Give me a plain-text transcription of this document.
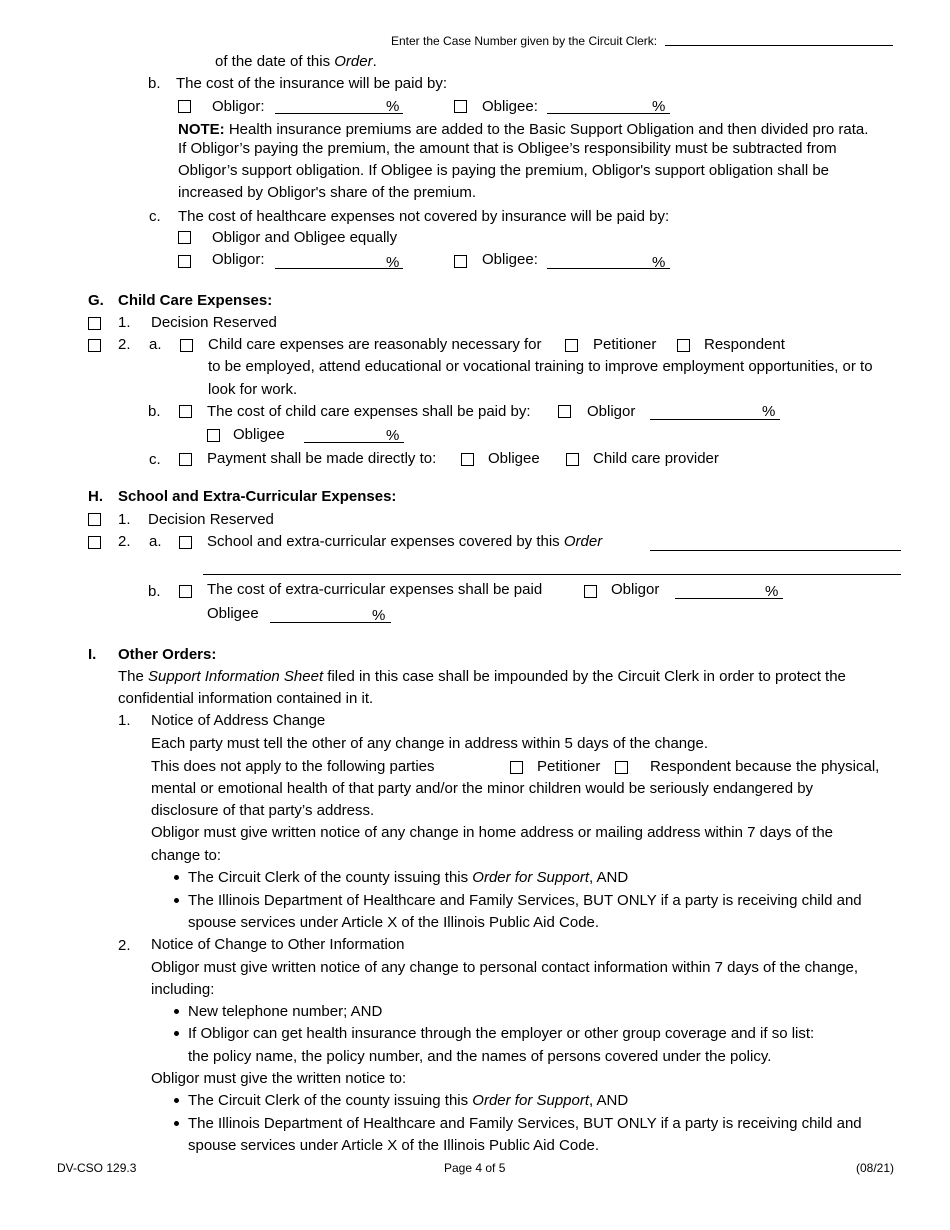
Enter the Case Number given by the Circuit Clerk:
of the date of this Order.
b. The cost of the insurance will be paid by:
Obligor:	%	Obligee:	%
NOTE: Health insurance premiums are added to the Basic Support Obligation and then divided pro rata.
If Obligor’s paying the premium, the amount that is Obligee’s responsibility must be subtracted from
Obligor’s support obligation. If Obligee is paying the premium, Obligor's support obligation shall be
increased by Obligor's share of the premium.
c. The cost of healthcare expenses not covered by insurance will be paid by:
Obligor and Obligee equally
Obligor:	%	Obligee:	%
G. Child Care Expenses:
1. Decision Reserved
2. a.	Child care expenses are reasonably necessary for	Petitioner	Respondent
to be employed, attend educational or vocational training to improve employment opportunities, or to
look for work.
b.	The cost of child care expenses shall be paid by:	Obligor	%
Obligee	%
c.	Payment shall be made directly to:	Obligee	Child care provider
H. School and Extra-Curricular Expenses:
1. Decision Reserved
2. a.	School and extra-curricular expenses covered by this Order
b.	The cost of extra-curricular expenses shall be paid	Obligor	%
Obligee	%
I. Other Orders:
The Support Information Sheet filed in this case shall be impounded by the Circuit Clerk in order to protect the
confidential information contained in it.
1. Notice of Address Change
Each party must tell the other of any change in address within 5 days of the change.
This does not apply to the following parties	Petitioner	Respondent because the physical,
mental or emotional health of that party and/or the minor children would be seriously endangered by
disclosure of that party’s address.
Obligor must give written notice of any change in home address or mailing address within 7 days of the
change to:
The Circuit Clerk of the county issuing this Order for Support, AND
The Illinois Department of Healthcare and Family Services, BUT ONLY if a party is receiving child and
spouse services under Article X of the Illinois Public Aid Code.
2. Notice of Change to Other Information
Obligor must give written notice of any change to personal contact information within 7 days of the change,
including:
New telephone number; AND
If Obligor can get health insurance through the employer or other group coverage and if so list:
the policy name, the policy number, and the names of persons covered under the policy.
Obligor must give the written notice to:
The Circuit Clerk of the county issuing this Order for Support, AND
The Illinois Department of Healthcare and Family Services, BUT ONLY if a party is receiving child and
spouse services under Article X of the Illinois Public Aid Code.
DV-CSO 129.3	Page 4 of 5	(08/21)
